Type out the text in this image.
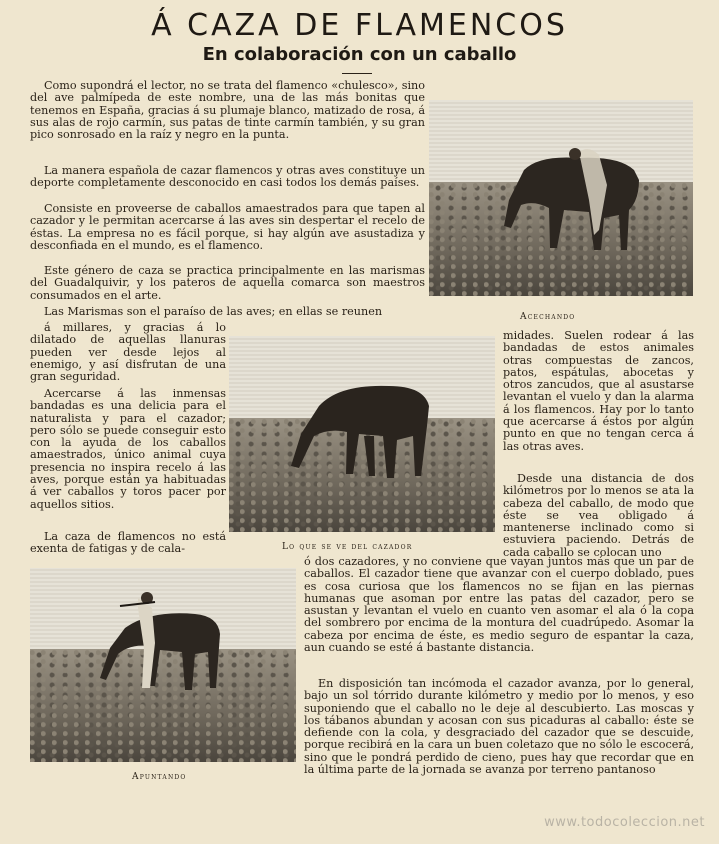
Á CAZA DE FLAMENCOS
En colaboración con un caballo

Como supondrá el lector, no se trata del flamenco «chulesco», sino del ave palmípeda de este nombre, una de las más bonitas que tenemos en España, gracias á su plumaje blanco, matizado de rosa, á sus alas de rojo carmín, sus patas de tinte carmín también, y su gran pico sonrosado en la raíz y negro en la punta.

La manera española de cazar flamencos y otras aves constituye un deporte completamente desconocido en casi todos los demás países.

Consiste en proveerse de caballos amaestrados para que tapen al cazador y le permitan acercarse á las aves sin despertar el recelo de éstas. La empresa no es fácil porque, si hay algún ave asustadiza y desconfiada en el mundo, es el flamenco.

Este género de caza se practica principalmente en las marismas del Guadalquivir, y los pateros de aquella comarca son maestros consumados en el arte.

Las Marismas son el paraíso de las aves; en ellas se reunen	Acechando

á millares, y gracias á lo dilatado de aquellas llanuras pueden ver desde lejos al enemigo, y así disfrutan de una gran seguridad.

Acercarse á las inmensas bandadas es una delicia para el naturalista y para el cazador; pero sólo se puede conseguir esto con la ayuda de los caballos amaestrados, único animal cuya presencia no inspira recelo á las aves, porque están ya habituadas á ver caballos y toros pacer por aquellos sitios.

La caza de flamencos no está exenta de fatigas y de cala-	Lo que se ve del cazador

midades. Suelen rodear á las bandadas de estos animales otras compuestas de zancos, patos, espátulas, abocetas y otros zancudos, que al asustarse levantan el vuelo y dan la alarma á los flamencos. Hay por lo tanto que acercarse á éstos por algún punto en que no tengan cerca á las otras aves.

Desde una distancia de dos kilómetros por lo menos se ata la cabeza del caballo, de modo que éste se vea obligado á mantenerse inclinado como si estuviera paciendo. Detrás de cada caballo se colocan uno

Apuntando

ó dos cazadores, y no conviene que vayan juntos más que un par de caballos. El cazador tiene que avanzar con el cuerpo doblado, pues es cosa curiosa que los flamencos no se fijan en las piernas humanas que asoman por entre las patas del cazador, pero se asustan y levantan el vuelo en cuanto ven asomar el ala ó la copa del sombrero por encima de la montura del cuadrúpedo. Asomar la cabeza por encima de éste, es medio seguro de espantar la caza, aun cuando se esté á bastante distancia.

En disposición tan incómoda el cazador avanza, por lo general, bajo un sol tórrido durante kilómetro y medio por lo menos, y eso suponiendo que el caballo no le deje al descubierto. Las moscas y los tábanos abundan y acosan con sus picaduras al caballo: éste se defiende con la cola, y desgraciado del cazador que se descuide, porque recibirá en la cara un buen coletazo que no sólo le escocerá, sino que le pondrá perdido de cieno, pues hay que recordar que en la última parte de la jornada se avanza por terreno pantanoso

www.todocoleccion.net
